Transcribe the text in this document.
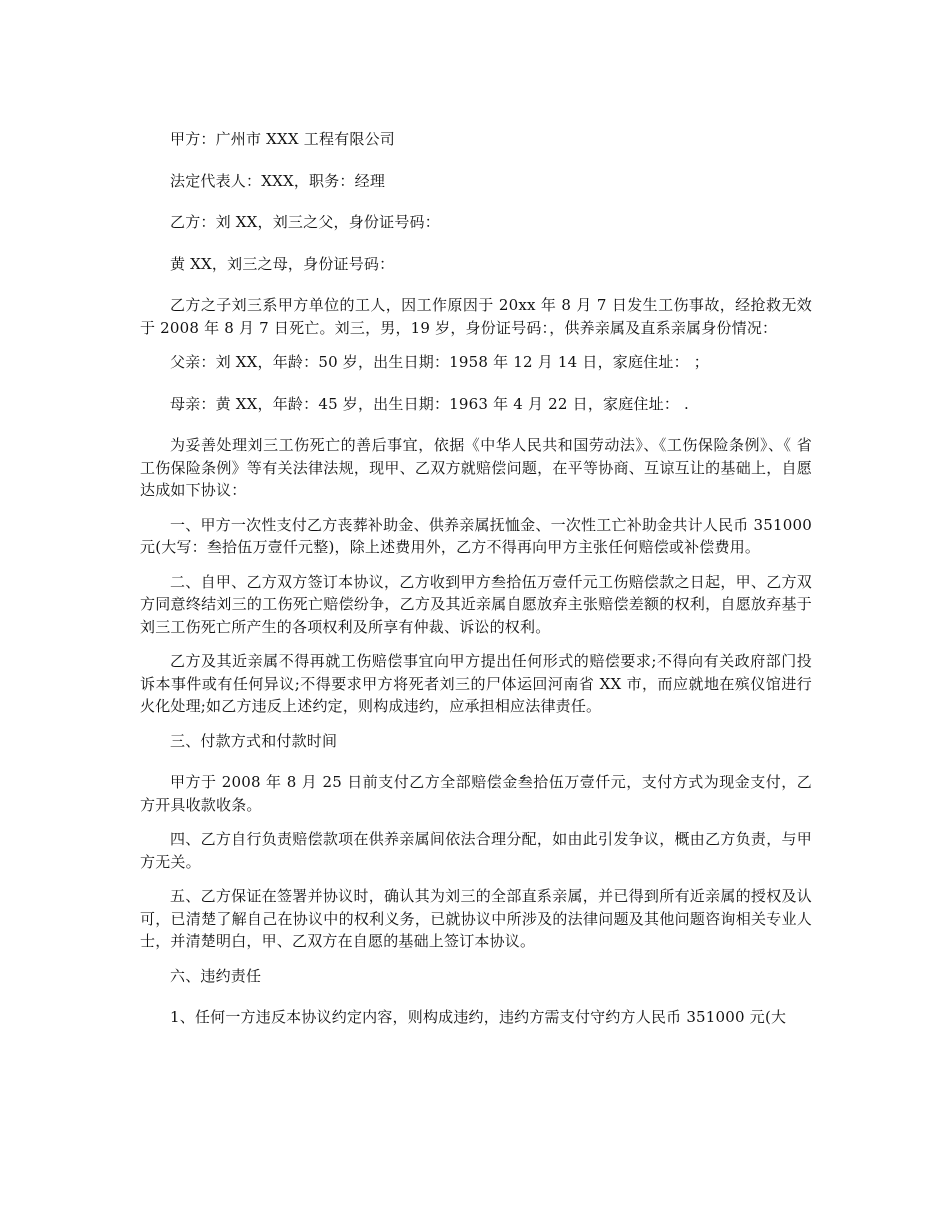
甲方：广州市 XXX 工程有限公司

法定代表人：XXX，职务：经理

乙方：刘 XX，刘三之父，身份证号码：

黄 XX，刘三之母，身份证号码：

乙方之子刘三系甲方单位的工人，因工作原因于 20xx 年 8 月 7 日发生工伤事故，经抢救无效于 2008 年 8 月 7 日死亡。刘三，男，19 岁，身份证号码：，供养亲属及直系亲属身份情况：

父亲：刘 XX，年龄：50 岁，出生日期：1958 年 12 月 14 日，家庭住址： ；

母亲：黄 XX，年龄：45 岁，出生日期：1963 年 4 月 22 日，家庭住址： .

为妥善处理刘三工伤死亡的善后事宜，依据《中华人民共和国劳动法》、《工伤保险条例》、《 省工伤保险条例》等有关法律法规，现甲、乙双方就赔偿问题，在平等协商、互谅互让的基础上，自愿达成如下协议：

一、甲方一次性支付乙方丧葬补助金、供养亲属抚恤金、一次性工亡补助金共计人民币 351000 元(大写：叁拾伍万壹仟元整)，除上述费用外，乙方不得再向甲方主张任何赔偿或补偿费用。

二、自甲、乙方双方签订本协议，乙方收到甲方叁拾伍万壹仟元工伤赔偿款之日起，甲、乙方双方同意终结刘三的工伤死亡赔偿纷争，乙方及其近亲属自愿放弃主张赔偿差额的权利，自愿放弃基于刘三工伤死亡所产生的各项权利及所享有仲裁、诉讼的权利。

乙方及其近亲属不得再就工伤赔偿事宜向甲方提出任何形式的赔偿要求;不得向有关政府部门投诉本事件或有任何异议;不得要求甲方将死者刘三的尸体运回河南省 XX 市，而应就地在殡仪馆进行火化处理;如乙方违反上述约定，则构成违约，应承担相应法律责任。

三、付款方式和付款时间

甲方于 2008 年 8 月 25 日前支付乙方全部赔偿金叁拾伍万壹仟元，支付方式为现金支付，乙方开具收款收条。

四、乙方自行负责赔偿款项在供养亲属间依法合理分配，如由此引发争议，概由乙方负责，与甲方无关。

五、乙方保证在签署并协议时，确认其为刘三的全部直系亲属，并已得到所有近亲属的授权及认可，已清楚了解自己在协议中的权利义务，已就协议中所涉及的法律问题及其他问题咨询相关专业人士，并清楚明白，甲、乙双方在自愿的基础上签订本协议。

六、违约责任

1、任何一方违反本协议约定内容，则构成违约，违约方需支付守约方人民币 351000 元(大
